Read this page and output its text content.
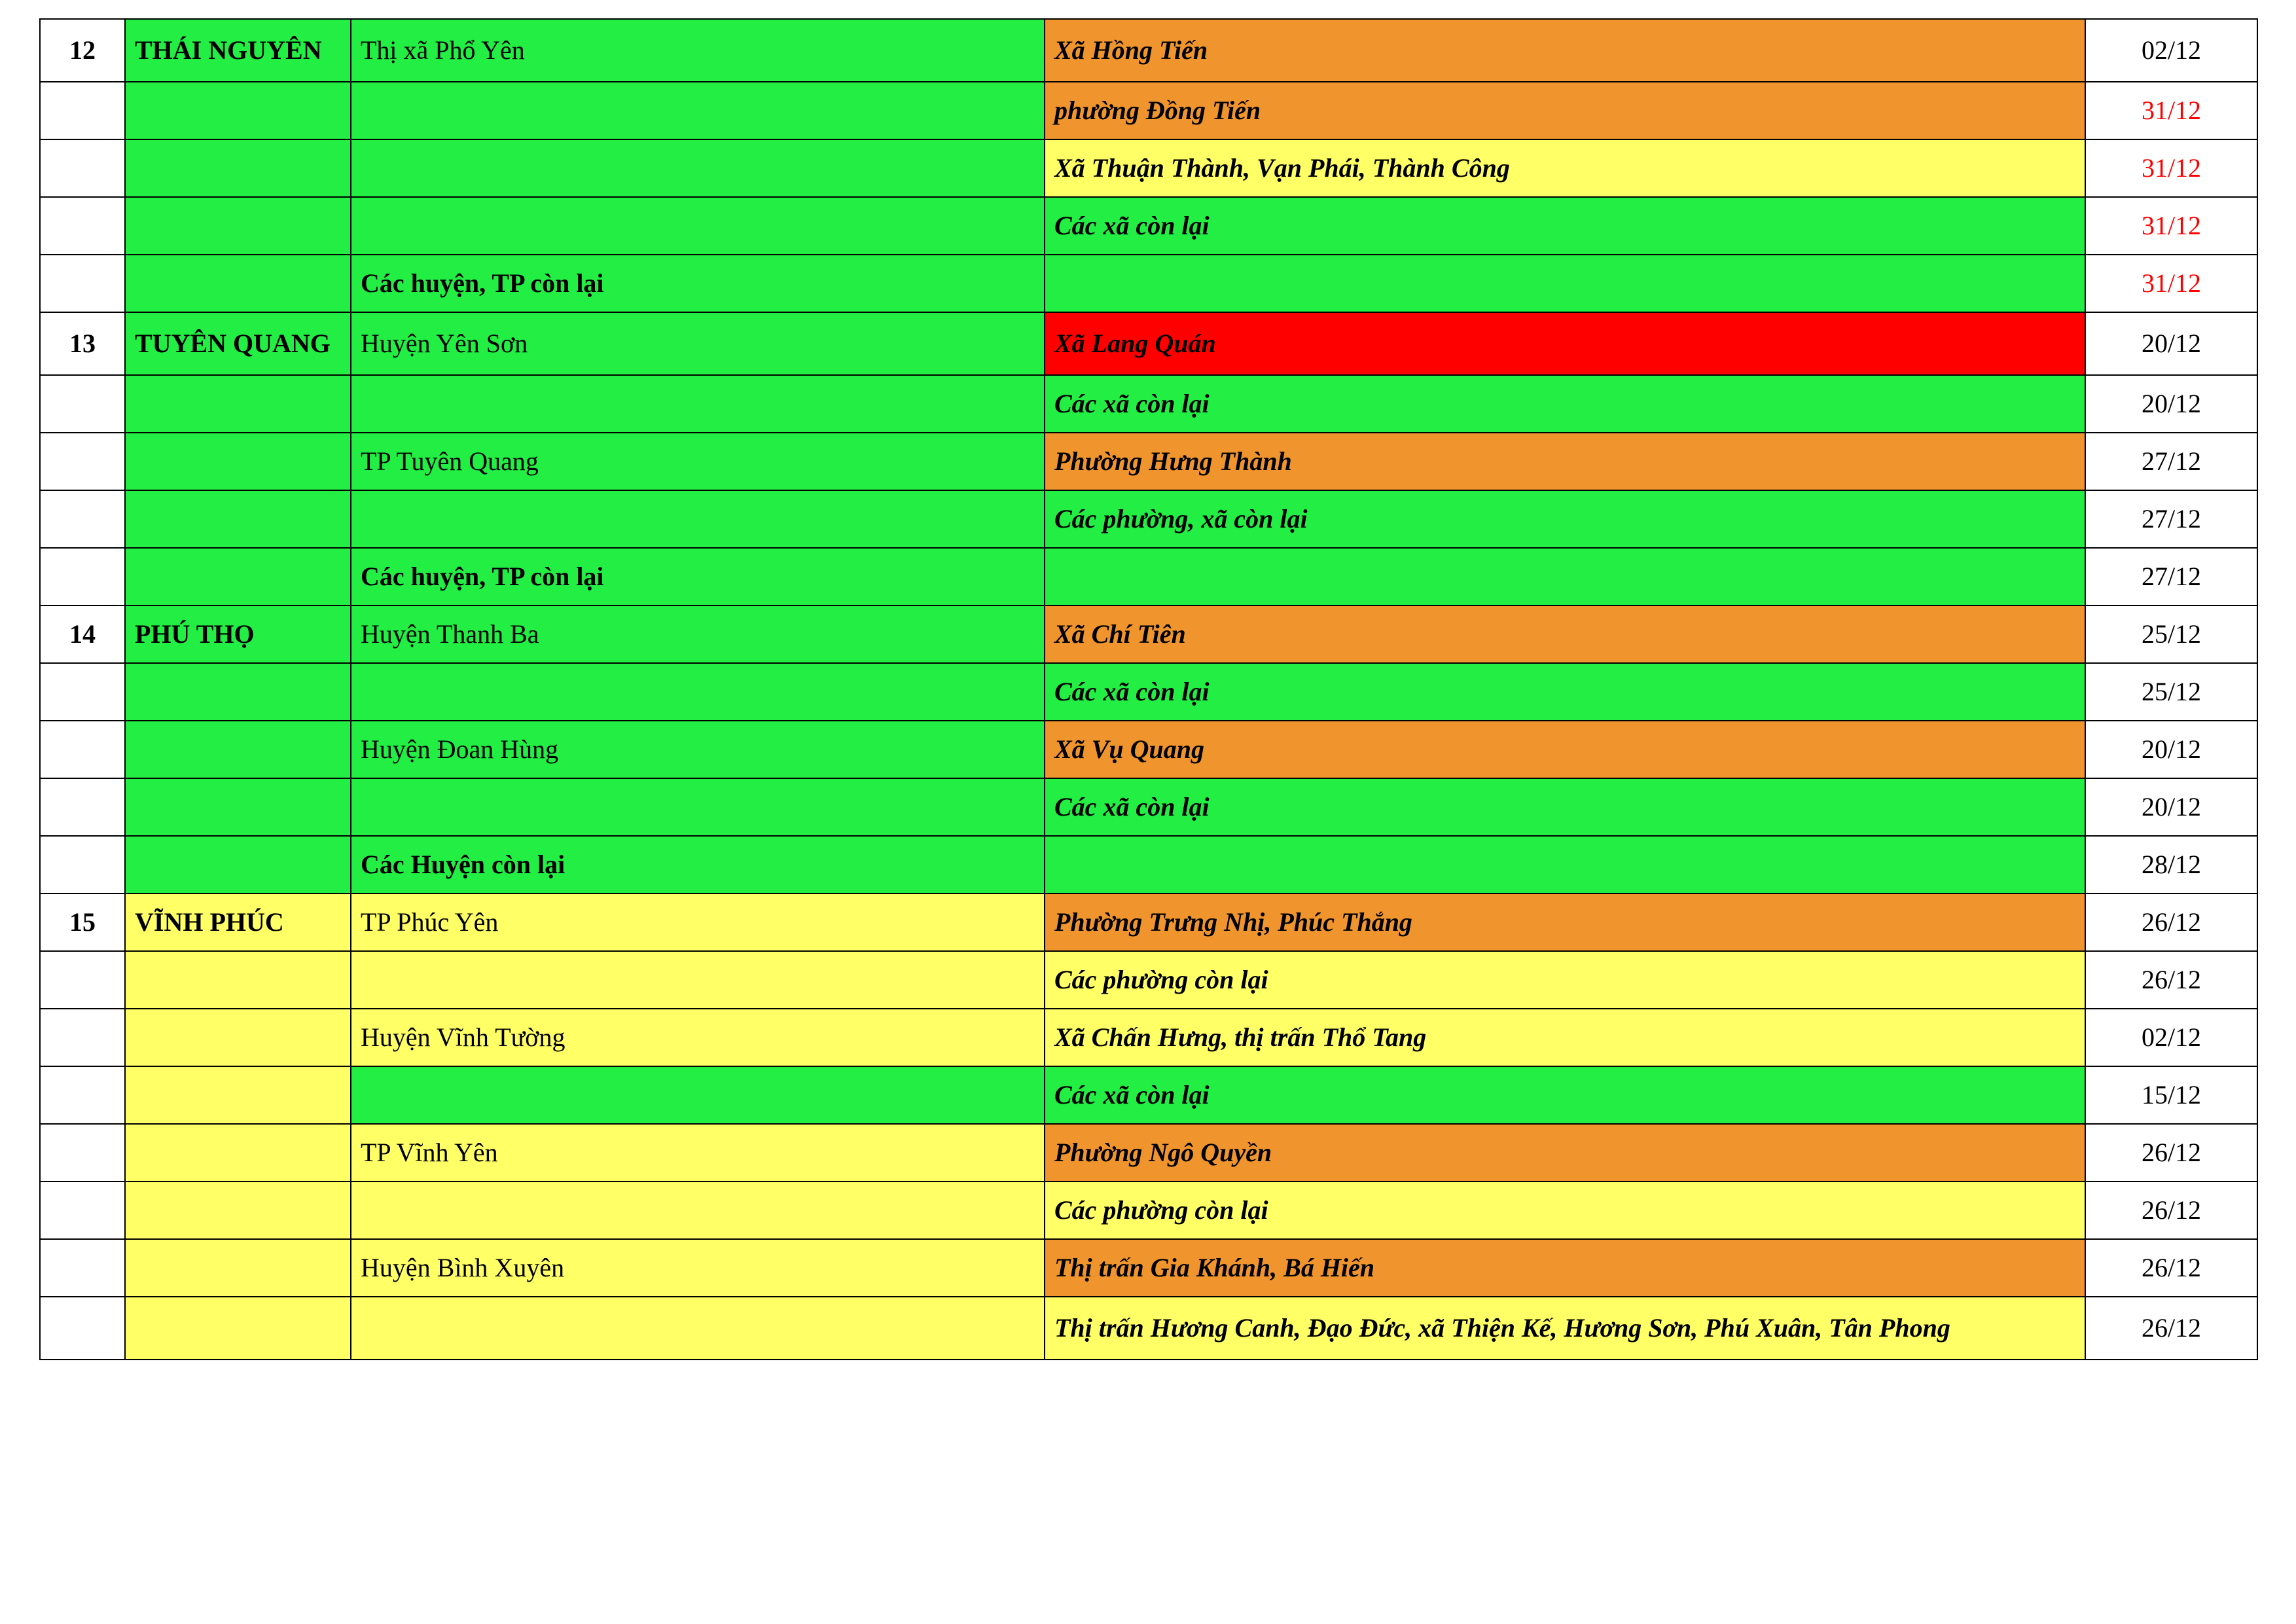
12	THÁI NGUYÊN	Thị xã Phổ Yên	Xã Hồng Tiến	02/12
			phường Đồng Tiến	31/12
			Xã Thuận Thành, Vạn Phái, Thành Công	31/12
			Các xã còn lại	31/12
		Các huyện, TP còn lại		31/12
13	TUYÊN QUANG	Huyện Yên Sơn	Xã Lang Quán	20/12
			Các xã còn lại	20/12
		TP Tuyên Quang	Phường Hưng Thành	27/12
			Các phường, xã còn lại	27/12
		Các huyện, TP còn lại		27/12
14	PHÚ THỌ	Huyện Thanh Ba	Xã Chí Tiên	25/12
			Các xã còn lại	25/12
		Huyện Đoan Hùng	Xã Vụ Quang	20/12
			Các xã còn lại	20/12
		Các Huyện còn lại		28/12
15	VĨNH PHÚC	TP Phúc Yên	Phường Trưng Nhị, Phúc Thắng	26/12
			Các phường còn lại	26/12
		Huyện Vĩnh Tường	Xã Chấn Hưng, thị trấn Thổ Tang	02/12
			Các xã còn lại	15/12
		TP Vĩnh Yên	Phường Ngô Quyền	26/12
			Các phường còn lại	26/12
		Huyện Bình Xuyên	Thị trấn Gia Khánh, Bá Hiến	26/12
			Thị trấn Hương Canh, Đạo Đức, xã Thiện Kế, Hương Sơn, Phú Xuân, Tân Phong	26/12
